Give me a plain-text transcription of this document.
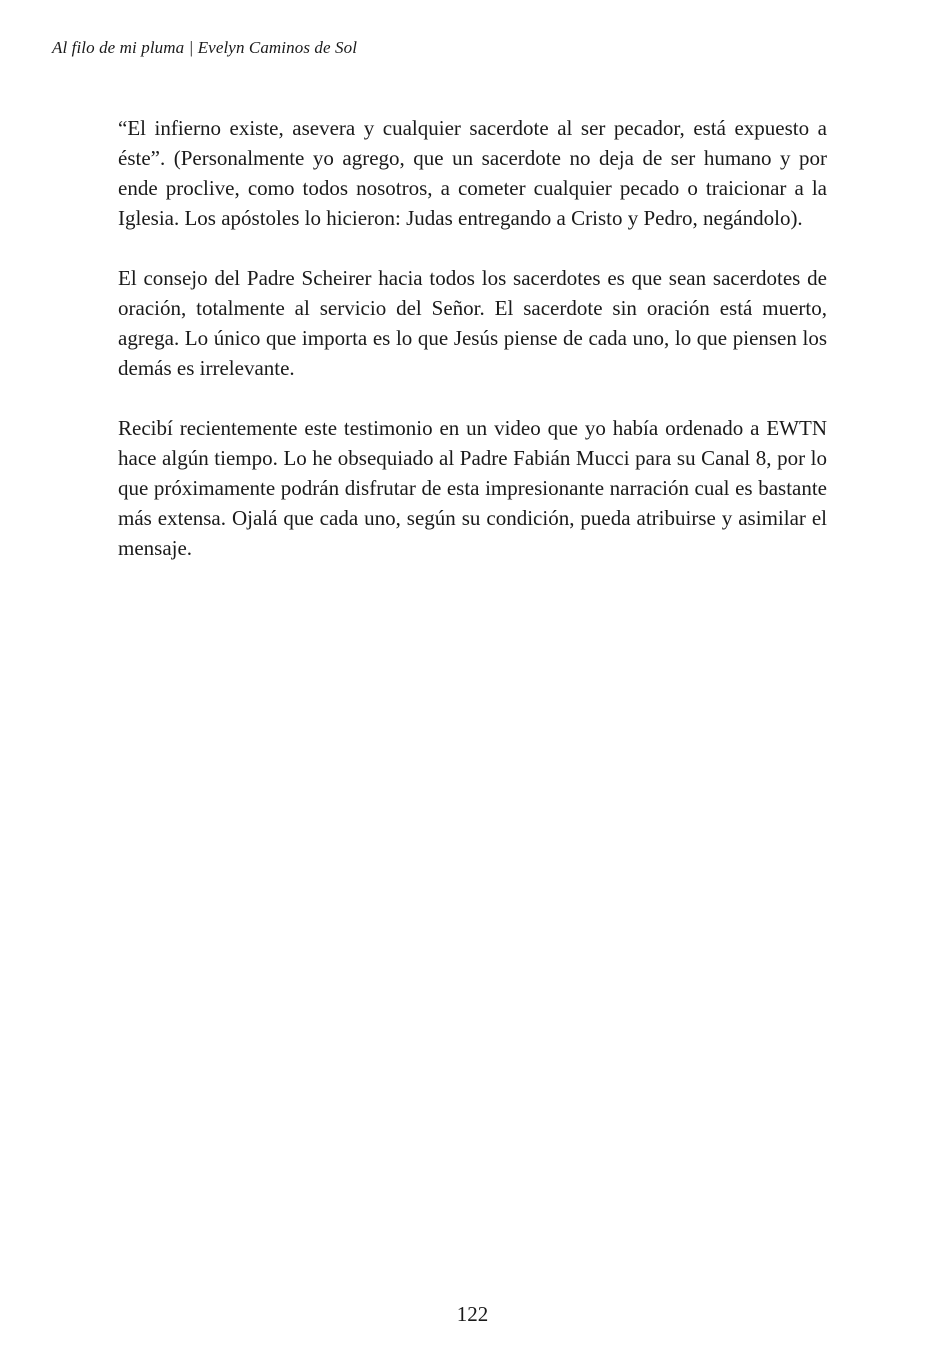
Al filo de mi pluma | Evelyn Caminos de Sol

“El infierno existe, asevera y cualquier sacerdote al ser pecador, está expuesto a éste”. (Personalmente yo agrego, que un sacerdote no deja de ser humano y por ende proclive, como todos nosotros, a cometer cualquier pecado o traicionar a la Iglesia. Los apóstoles lo hicieron: Judas entregando a Cristo y Pedro, negándolo).

El consejo del Padre Scheirer hacia todos los sacerdotes es que sean sacerdotes de oración, totalmente al servicio del Señor. El sacerdote sin oración está muerto, agrega. Lo único que importa es lo que Jesús piense de cada uno, lo que piensen los demás es irrelevante.

Recibí recientemente este testimonio en un video que yo había ordenado a EWTN hace algún tiempo. Lo he obsequiado al Padre Fabián Mucci para su Canal 8, por lo que próximamente podrán disfrutar de esta impresionante narración cual es bastante más extensa. Ojalá que cada uno, según su condición, pueda atribuirse y asimilar el mensaje.

122
